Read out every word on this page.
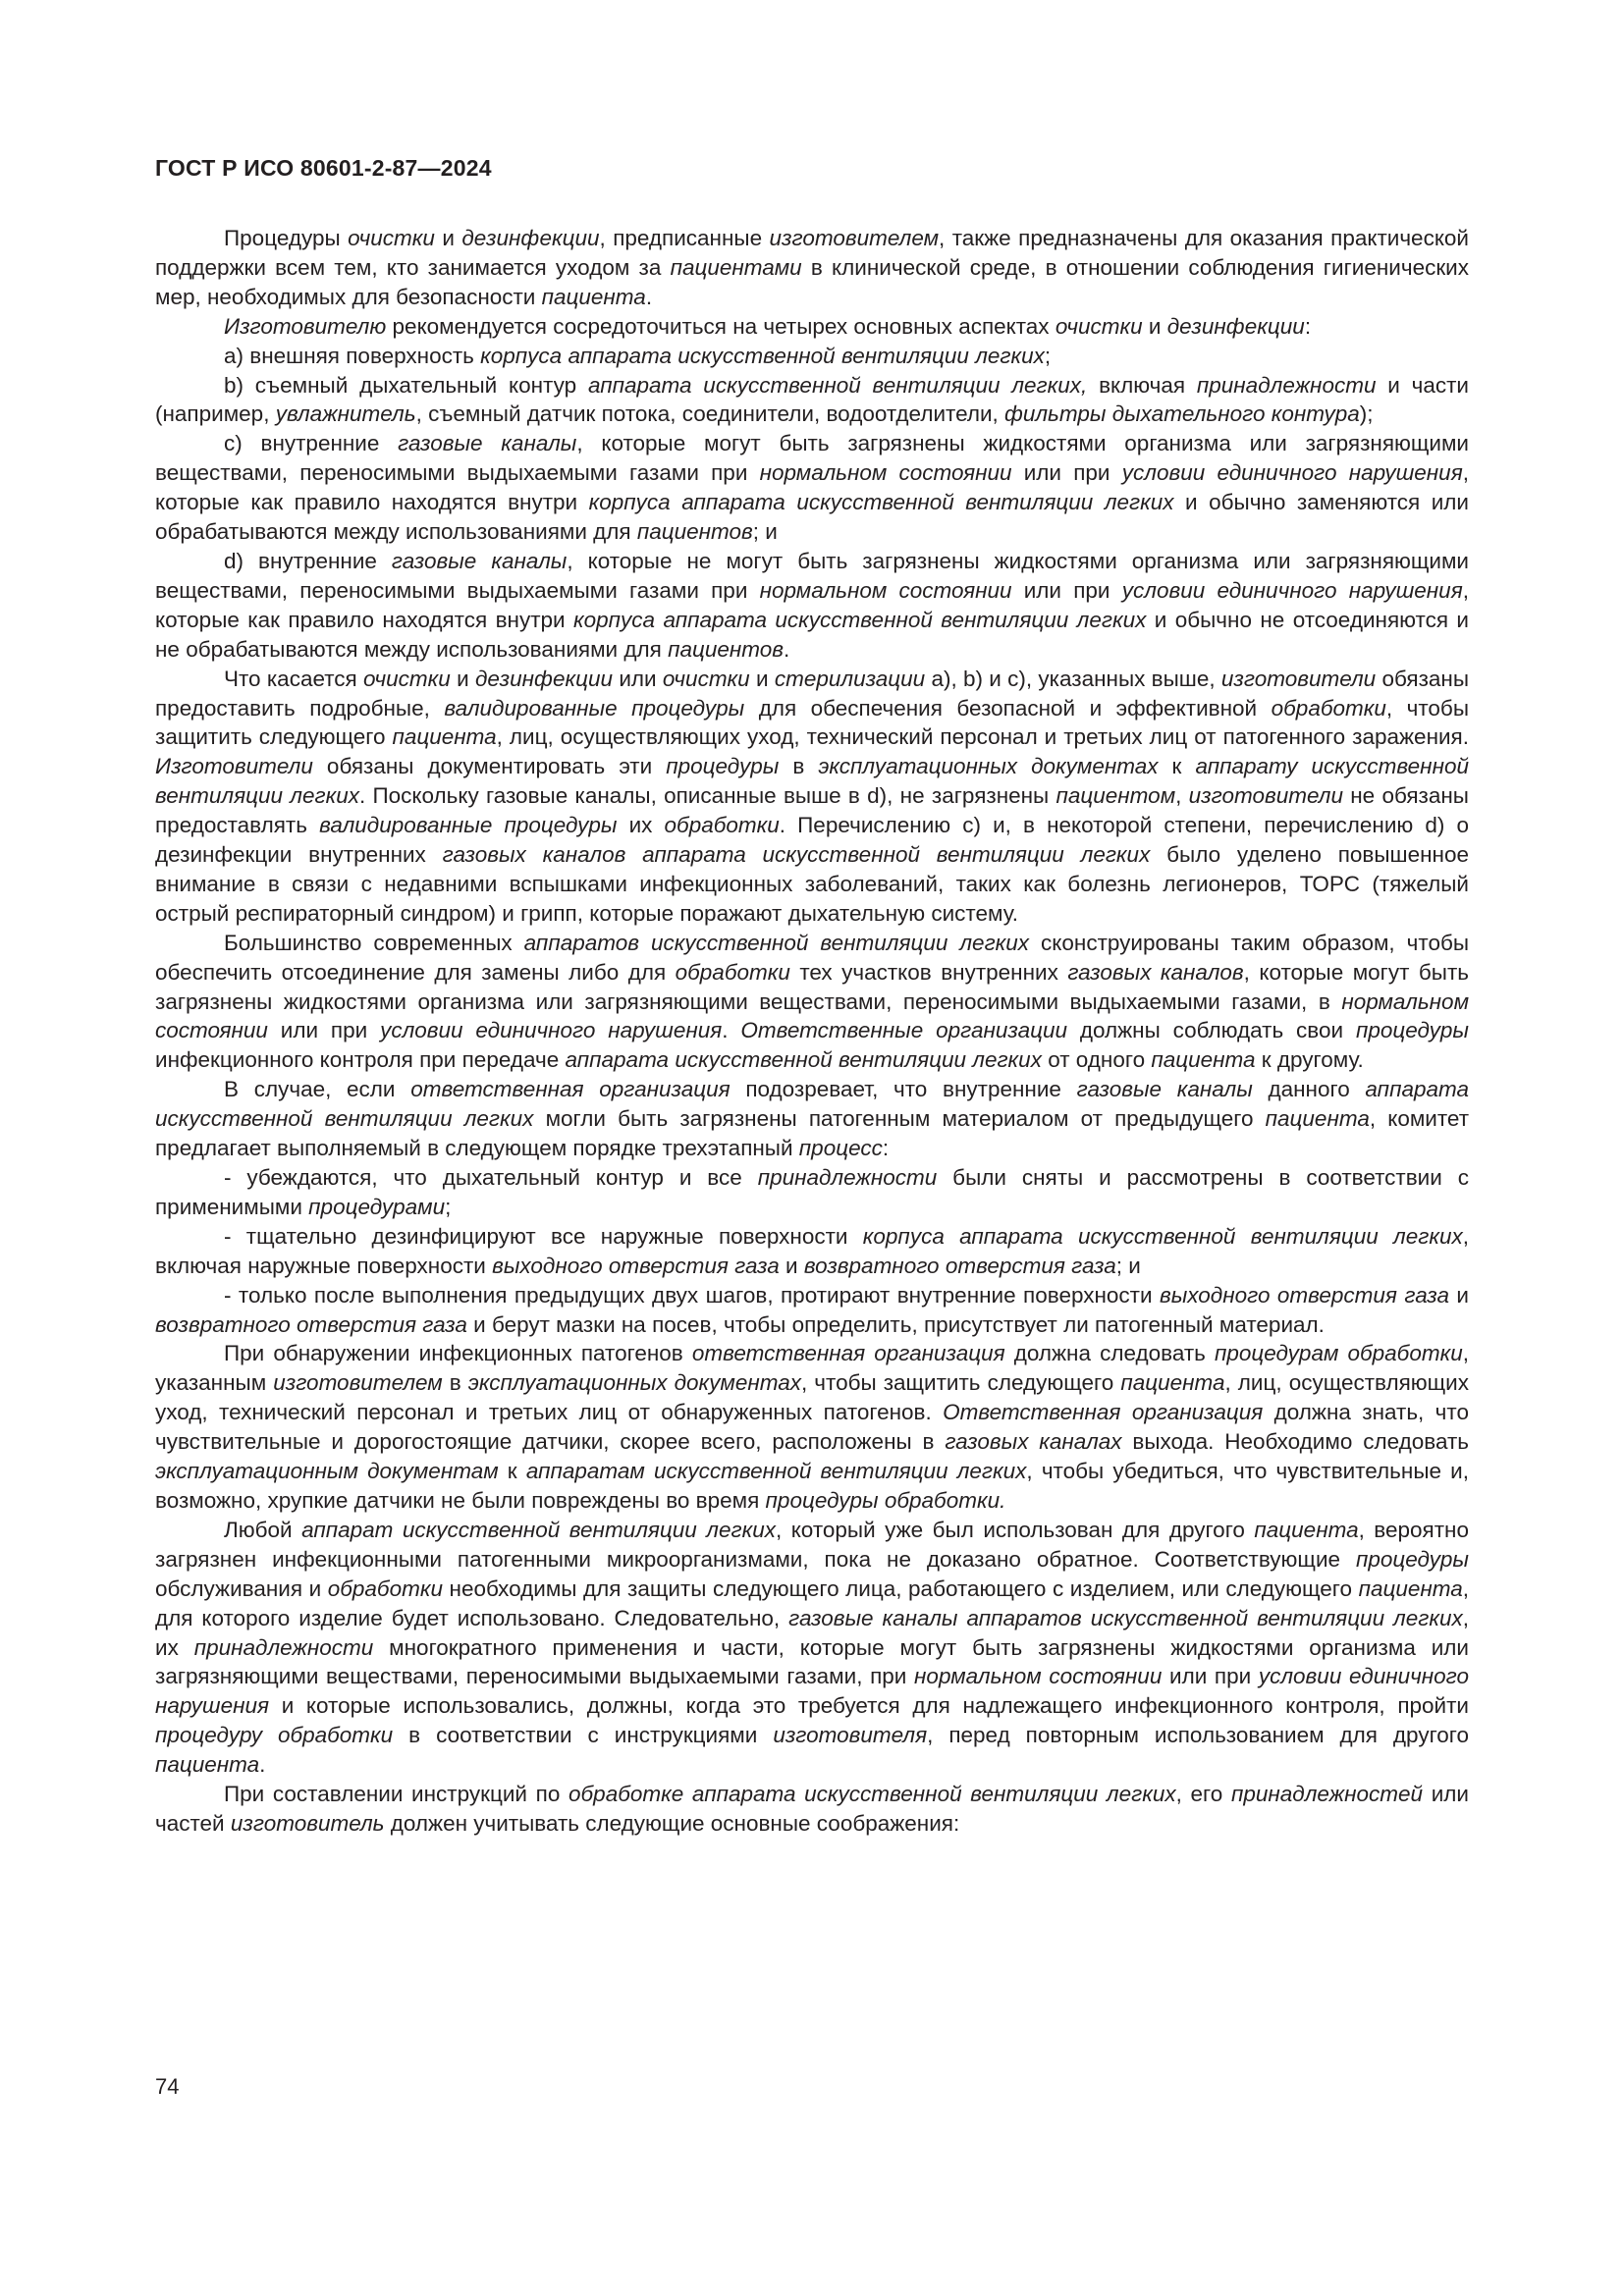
ГОСТ Р ИСО 80601-2-87—2024

Процедуры очистки и дезинфекции, предписанные изготовителем, также предназначены для оказания практической поддержки всем тем, кто занимается уходом за пациентами в клинической среде, в отношении соблюдения гигиенических мер, необходимых для безопасности пациента.

Изготовителю рекомендуется сосредоточиться на четырех основных аспектах очистки и дезинфекции:

а) внешняя поверхность корпуса аппарата искусственной вентиляции легких;

b) съемный дыхательный контур аппарата искусственной вентиляции легких, включая принадлежности и части (например, увлажнитель, съемный датчик потока, соединители, водоотделители, фильтры дыхательного контура);

c) внутренние газовые каналы, которые могут быть загрязнены жидкостями организма или загрязняющими веществами, переносимыми выдыхаемыми газами при нормальном состоянии или при условии единичного нарушения, которые как правило находятся внутри корпуса аппарата искусственной вентиляции легких и обычно заменяются или обрабатываются между использованиями для пациентов; и

d) внутренние газовые каналы, которые не могут быть загрязнены жидкостями организма или загрязняющими веществами, переносимыми выдыхаемыми газами при нормальном состоянии или при условии единичного нарушения, которые как правило находятся внутри корпуса аппарата искусственной вентиляции легких и обычно не отсоединяются и не обрабатываются между использованиями для пациентов.

Что касается очистки и дезинфекции или очистки и стерилизации a), b) и c), указанных выше, изготовители обязаны предоставить подробные, валидированные процедуры для обеспечения безопасной и эффективной обработки, чтобы защитить следующего пациента, лиц, осуществляющих уход, технический персонал и третьих лиц от патогенного заражения. Изготовители обязаны документировать эти процедуры в эксплуатационных документах к аппарату искусственной вентиляции легких. Поскольку газовые каналы, описанные выше в d), не загрязнены пациентом, изготовители не обязаны предоставлять валидированные процедуры их обработки. Перечислению с) и, в некоторой степени, перечислению d) о дезинфекции внутренних газовых каналов аппарата искусственной вентиляции легких было уделено повышенное внимание в связи с недавними вспышками инфекционных заболеваний, таких как болезнь легионеров, ТОРС (тяжелый острый респираторный синдром) и грипп, которые поражают дыхательную систему.

Большинство современных аппаратов искусственной вентиляции легких сконструированы таким образом, чтобы обеспечить отсоединение для замены либо для обработки тех участков внутренних газовых каналов, которые могут быть загрязнены жидкостями организма или загрязняющими веществами, переносимыми выдыхаемыми газами, в нормальном состоянии или при условии единичного нарушения. Ответственные организации должны соблюдать свои процедуры инфекционного контроля при передаче аппарата искусственной вентиляции легких от одного пациента к другому.

В случае, если ответственная организация подозревает, что внутренние газовые каналы данного аппарата искусственной вентиляции легких могли быть загрязнены патогенным материалом от предыдущего пациента, комитет предлагает выполняемый в следующем порядке трехэтапный процесс:

- убеждаются, что дыхательный контур и все принадлежности были сняты и рассмотрены в соответствии с применимыми процедурами;

- тщательно дезинфицируют все наружные поверхности корпуса аппарата искусственной вентиляции легких, включая наружные поверхности выходного отверстия газа и возвратного отверстия газа; и

- только после выполнения предыдущих двух шагов, протирают внутренние поверхности выходного отверстия газа и возвратного отверстия газа и берут мазки на посев, чтобы определить, присутствует ли патогенный материал.

При обнаружении инфекционных патогенов ответственная организация должна следовать процедурам обработки, указанным изготовителем в эксплуатационных документах, чтобы защитить следующего пациента, лиц, осуществляющих уход, технический персонал и третьих лиц от обнаруженных патогенов. Ответственная организация должна знать, что чувствительные и дорогостоящие датчики, скорее всего, расположены в газовых каналах выхода. Необходимо следовать эксплуатационным документам к аппаратам искусственной вентиляции легких, чтобы убедиться, что чувствительные и, возможно, хрупкие датчики не были повреждены во время процедуры обработки.

Любой аппарат искусственной вентиляции легких, который уже был использован для другого пациента, вероятно загрязнен инфекционными патогенными микроорганизмами, пока не доказано обратное. Соответствующие процедуры обслуживания и обработки необходимы для защиты следующего лица, работающего с изделием, или следующего пациента, для которого изделие будет использовано. Следовательно, газовые каналы аппаратов искусственной вентиляции легких, их принадлежности многократного применения и части, которые могут быть загрязнены жидкостями организма или загрязняющими веществами, переносимыми выдыхаемыми газами, при нормальном состоянии или при условии единичного нарушения и которые использовались, должны, когда это требуется для надлежащего инфекционного контроля, пройти процедуру обработки в соответствии с инструкциями изготовителя, перед повторным использованием для другого пациента.

При составлении инструкций по обработке аппарата искусственной вентиляции легких, его принадлежностей или частей изготовитель должен учитывать следующие основные соображения:

74
